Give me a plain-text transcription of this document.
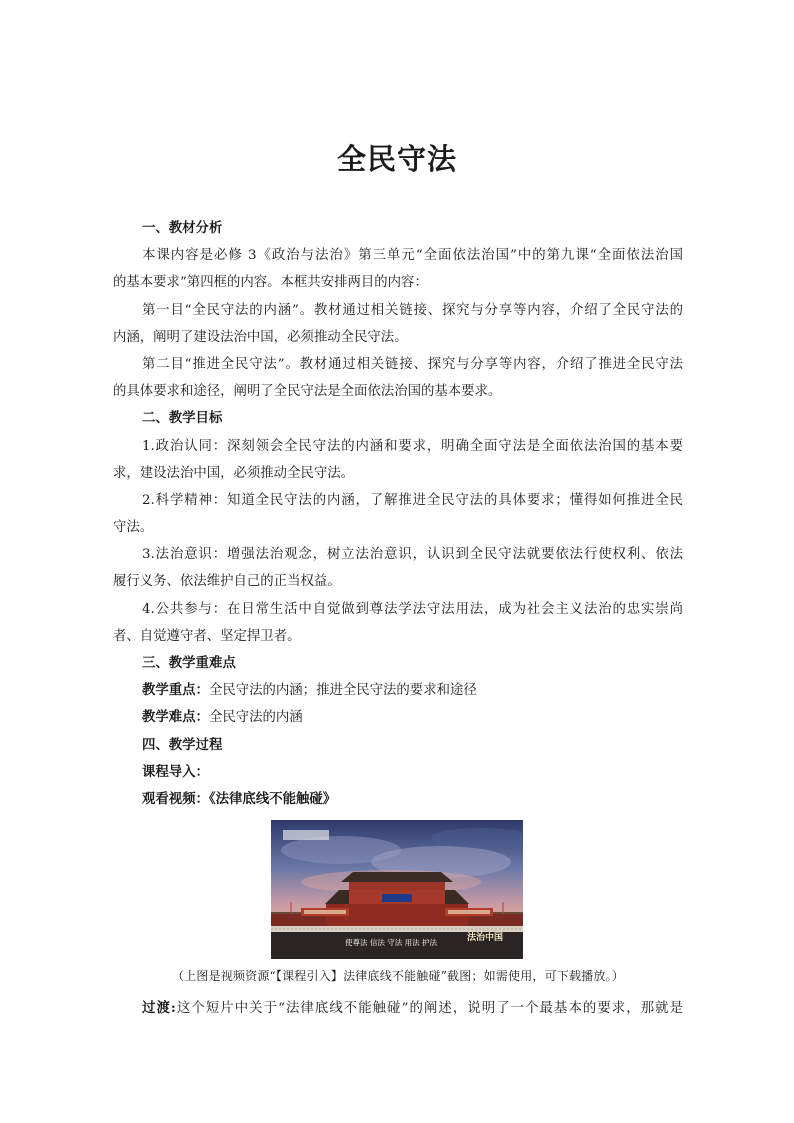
全民守法
一、教材分析
本课内容是必修 3《政治与法治》第三单元“全面依法治国”中的第九课“全面依法治国
的基本要求”第四框的内容。本框共安排两目的内容：
第一目“全民守法的内涵”。教材通过相关链接、探究与分享等内容，介绍了全民守法的
内涵，阐明了建设法治中国，必须推动全民守法。
第二目“推进全民守法”。教材通过相关链接、探究与分享等内容，介绍了推进全民守法
的具体要求和途径，阐明了全民守法是全面依法治国的基本要求。
二、教学目标
1.政治认同：深刻领会全民守法的内涵和要求，明确全面守法是全面依法治国的基本要
求，建设法治中国，必须推动全民守法。
2.科学精神：知道全民守法的内涵，了解推进全民守法的具体要求；懂得如何推进全民
守法。
3.法治意识：增强法治观念，树立法治意识，认识到全民守法就要依法行使权利、依法
履行义务、依法维护自己的正当权益。
4.公共参与：在日常生活中自觉做到尊法学法守法用法，成为社会主义法治的忠实崇尚
者、自觉遵守者、坚定捍卫者。
三、教学重难点
教学重点：全民守法的内涵；推进全民守法的要求和途径
教学难点：全民守法的内涵
四、教学过程
课程导入：
观看视频：《法律底线不能触碰》
使尊法 信法 守法 用法 护法	法治中国
（上图是视频资源“【课程引入】法律底线不能触碰”截图；如需使用，可下载播放。）
过渡:这个短片中关于“法律底线不能触碰”的阐述，说明了一个最基本的要求，那就是
